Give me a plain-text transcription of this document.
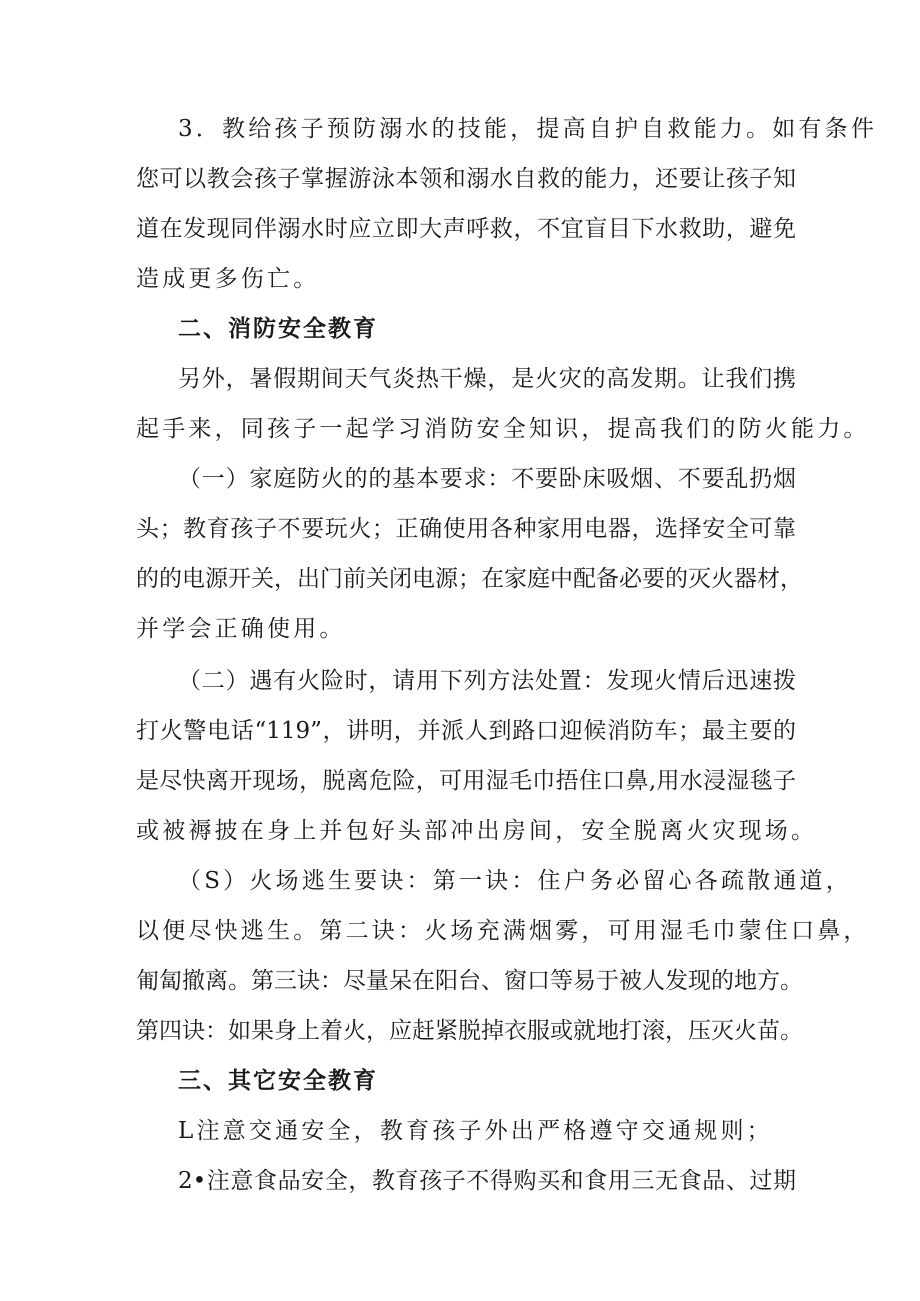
3．教给孩子预防溺水的技能，提高自护自救能力。如有条件
您可以教会孩子掌握游泳本领和溺水自救的能力，还要让孩子知
道在发现同伴溺水时应立即大声呼救，不宜盲目下水救助，避免
造成更多伤亡。
二、消防安全教育
另外，暑假期间天气炎热干燥，是火灾的高发期。让我们携
起手来，同孩子一起学习消防安全知识，提高我们的防火能力。
（一）家庭防火的的基本要求：不要卧床吸烟、不要乱扔烟
头；教育孩子不要玩火；正确使用各种家用电器，选择安全可靠
的的电源开关，出门前关闭电源；在家庭中配备必要的灭火器材，
并学会正确使用。
（二）遇有火险时，请用下列方法处置：发现火情后迅速拨
打火警电话“119”，讲明，并派人到路口迎候消防车；最主要的
是尽快离开现场，脱离危险，可用湿毛巾捂住口鼻,用水浸湿毯子
或被褥披在身上并包好头部冲出房间，安全脱离火灾现场。
（S）火场逃生要诀：第一诀：住户务必留心各疏散通道，
以便尽快逃生。第二诀：火场充满烟雾，可用湿毛巾蒙住口鼻，
匍匐撤离。第三诀：尽量呆在阳台、窗口等易于被人发现的地方。
第四诀：如果身上着火，应赶紧脱掉衣服或就地打滚，压灭火苗。
三、其它安全教育
L注意交通安全，教育孩子外出严格遵守交通规则；
2•注意食品安全，教育孩子不得购买和食用三无食品、过期
